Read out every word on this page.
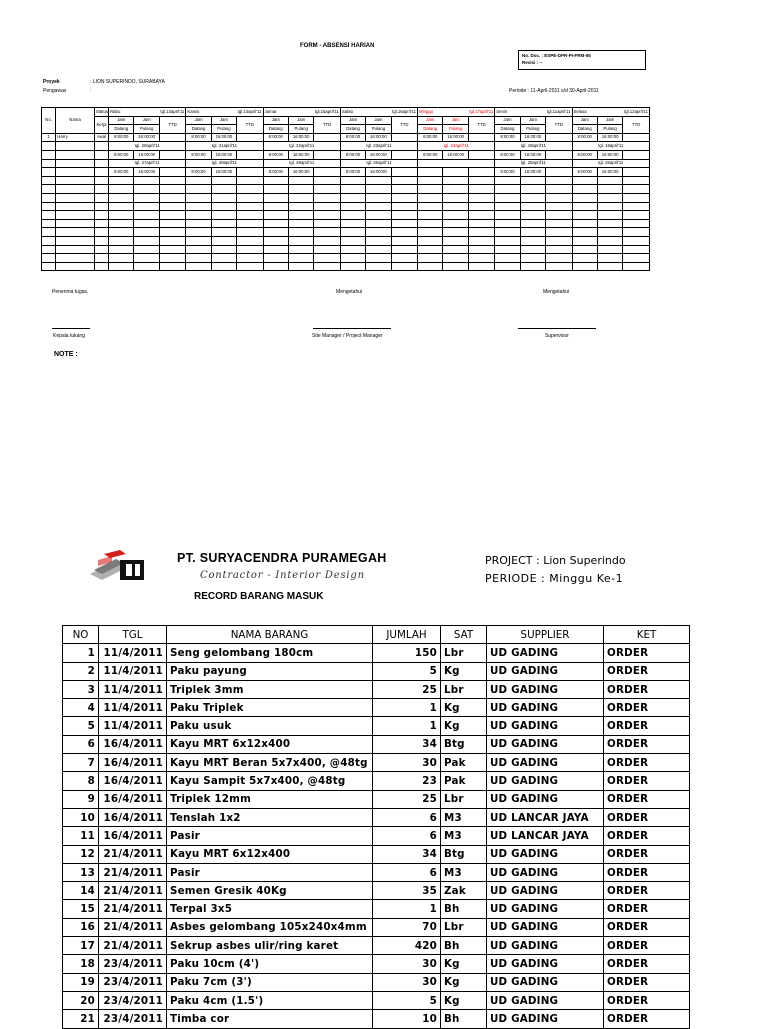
FORM - ABSENSI HARIAN
No. Doc. : ESPE-DPR-PI-FRM-06
Revisi : --
Proyek	: LION SUPERINDO, SURABAYA
Pengawas	:	Periode : 11-April-2011 s/d 30-April-2011
No.	Nama	Status	Rabu tgl.13april'11			Kamis tgl.14april'11			Jumat tgl.15april'11			Sabtu tgl.16april'11			Minggu tgl.17april'11			Senin tgl.11april'11			Selasa tgl.12april'11		

		Kerja	Jam	Jam	TTD	Jam	Jam	TTD	Jam	Jam	TTD	Jam	Jam	TTD	Jam	Jam	TTD	Jam	Jam	TTD	Jam	Jam	TTD
			Datang	Pulang		Datang	Pulang		Datang	Pulang		Datang	Pulang		Datang	Pulang		Datang	Pulang		Datang	Pulang	
1	Harry	Awal	8:00:00	16:00:00		8:00:00	16:00:00		8:00:00	16:00:00		8:00:00	16:00:00		8:00:00	16:00:00		8:00:00	16:00:00		8:00:00	16:00:00	
			tgl. 20april'11			tgl. 21april'11			tgl. 22april'11			tgl. 23april'11			tgl. 24april'11			tgl. 18april'11			tgl. 19april'11		
			8:00:00	16:00:00		8:00:00	16:00:00		8:00:00	16:00:00		8:00:00	16:00:00		8:00:00	16:00:00		8:00:00	16:00:00		8:00:00	16:00:00	
			tgl. 27april'11			tgl. 28april'11			tgl. 29april'11			tgl. 30april'11						tgl. 25april'11			tgl. 26april'11		
			8:00:00	16:00:00		8:00:00	16:00:00		8:00:00	16:00:00		8:00:00	16:00:00					8:00:00	16:00:00		8:00:00	16:00:00	

Penerima tugas,	Mengetahui	Mengetahui
Kepala tukang	Site Manager / Project Manager	Supervisor
NOTE :
PT. SURYACENDRA PURAMEGAH
Contractor - Interior Design
RECORD BARANG MASUK
PROJECT : Lion Superindo
PERIODE : Minggu Ke-1
NO	TGL	NAMA BARANG	JUMLAH	SAT	SUPPLIER	KET
1	11/4/2011	Seng gelombang 180cm	150	Lbr	UD GADING	ORDER
2	11/4/2011	Paku payung	5	Kg	UD GADING	ORDER
3	11/4/2011	Triplek 3mm	25	Lbr	UD GADING	ORDER
4	11/4/2011	Paku Triplek	1	Kg	UD GADING	ORDER
5	11/4/2011	Paku usuk	1	Kg	UD GADING	ORDER
6	16/4/2011	Kayu MRT 6x12x400	34	Btg	UD GADING	ORDER
7	16/4/2011	Kayu MRT Beran 5x7x400, @48tg	30	Pak	UD GADING	ORDER
8	16/4/2011	Kayu Sampit 5x7x400, @48tg	23	Pak	UD GADING	ORDER
9	16/4/2011	Triplek 12mm	25	Lbr	UD GADING	ORDER
10	16/4/2011	Tenslah 1x2	6	M3	UD LANCAR JAYA	ORDER
11	16/4/2011	Pasir	6	M3	UD LANCAR JAYA	ORDER
12	21/4/2011	Kayu MRT 6x12x400	34	Btg	UD GADING	ORDER
13	21/4/2011	Pasir	6	M3	UD GADING	ORDER
14	21/4/2011	Semen Gresik 40Kg	35	Zak	UD GADING	ORDER
15	21/4/2011	Terpal 3x5	1	Bh	UD GADING	ORDER
16	21/4/2011	Asbes gelombang 105x240x4mm	70	Lbr	UD GADING	ORDER
17	21/4/2011	Sekrup asbes ulir/ring karet	420	Bh	UD GADING	ORDER
18	23/4/2011	Paku 10cm (4')	30	Kg	UD GADING	ORDER
19	23/4/2011	Paku 7cm (3')	30	Kg	UD GADING	ORDER
20	23/4/2011	Paku 4cm (1.5')	5	Kg	UD GADING	ORDER
21	23/4/2011	Timba cor	10	Bh	UD GADING	ORDER
